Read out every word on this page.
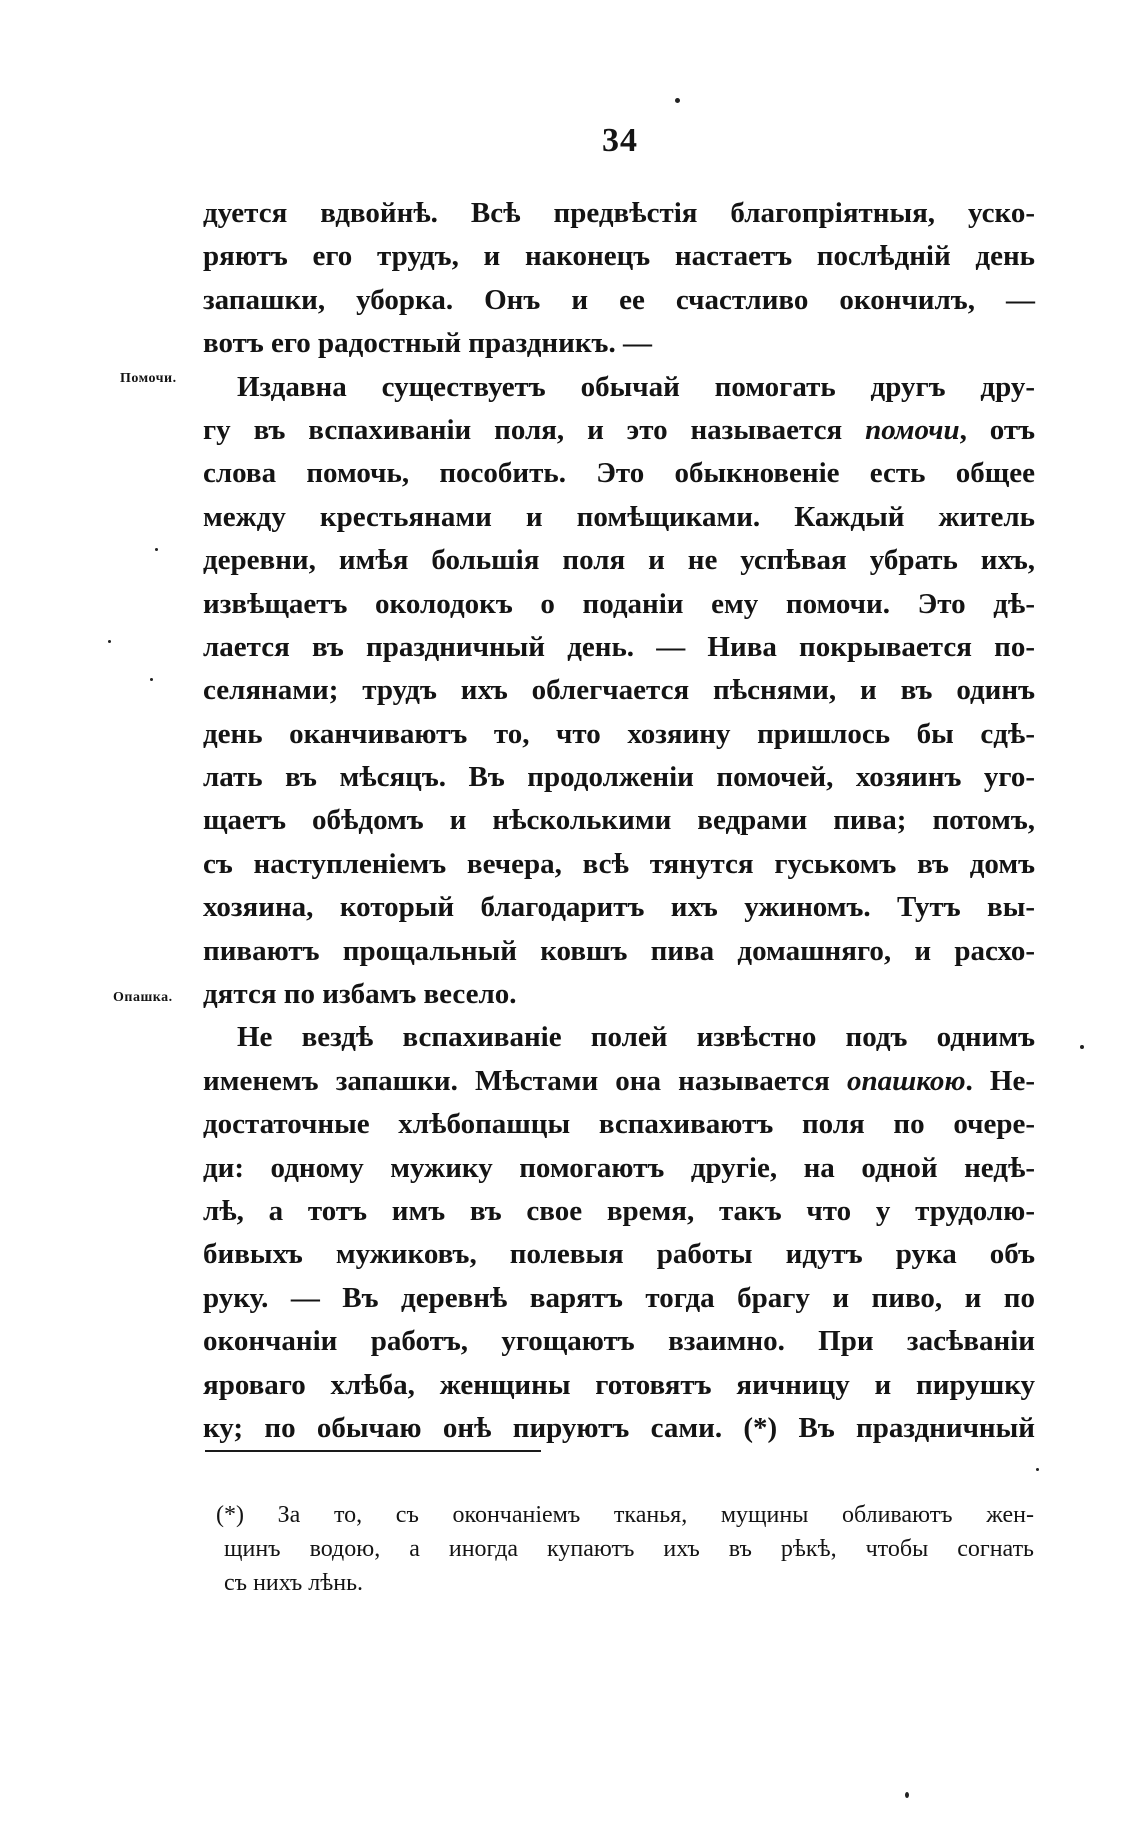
34
Помочи.
Опашка.
дуется вдвойнѣ. Всѣ предвѣстія благопріятныя, уско-
ряютъ его трудъ, и наконецъ настаетъ послѣдній день
запашки, уборка. Онъ и ее счастливо окончилъ, —
вотъ его радостный праздникъ. —
Издавна существуетъ обычай помогать другъ дру-
гу въ вспахиваніи поля, и это называется помочи, отъ
слова помочь, пособить. Это обыкновеніе есть общее
между крестьянами и помѣщиками. Каждый житель
деревни, имѣя большія поля и не успѣвая убрать ихъ,
извѣщаетъ околодокъ о поданіи ему помочи. Это дѣ-
лается въ праздничный день. — Нива покрывается по-
селянами; трудъ ихъ облегчается пѣснями, и въ одинъ
день оканчиваютъ то, что хозяину пришлось бы сдѣ-
лать въ мѣсяцъ. Въ продолженіи помочей, хозяинъ уго-
щаетъ обѣдомъ и нѣсколькими ведрами пива; потомъ,
съ наступленіемъ вечера, всѣ тянутся гуськомъ въ домъ
хозяина, который благодаритъ ихъ ужиномъ. Тутъ вы-
пиваютъ прощальный ковшъ пива домашняго, и расхо-
дятся по избамъ весело.
Не вездѣ вспахиваніе полей извѣстно подъ однимъ
именемъ запашки. Мѣстами она называется опашкою. Не-
достаточные хлѣбопашцы вспахиваютъ поля по очере-
ди: одному мужику помогаютъ другіе, на одной недѣ-
лѣ, а тотъ имъ въ свое время, такъ что у трудолю-
бивыхъ мужиковъ, полевыя работы идутъ рука объ
руку. — Въ деревнѣ варятъ тогда брагу и пиво, и по
окончаніи работъ, угощаютъ взаимно. При засѣваніи
яроваго хлѣба, женщины готовятъ яичницу и пирушку
ку; по обычаю онѣ пируютъ сами. (*) Въ праздничный
(*) За то, съ окончаніемъ тканья, мущины обливаютъ жен-
щинъ водою, а иногда купаютъ ихъ въ рѣкѣ, чтобы согнать
съ нихъ лѣнь.
